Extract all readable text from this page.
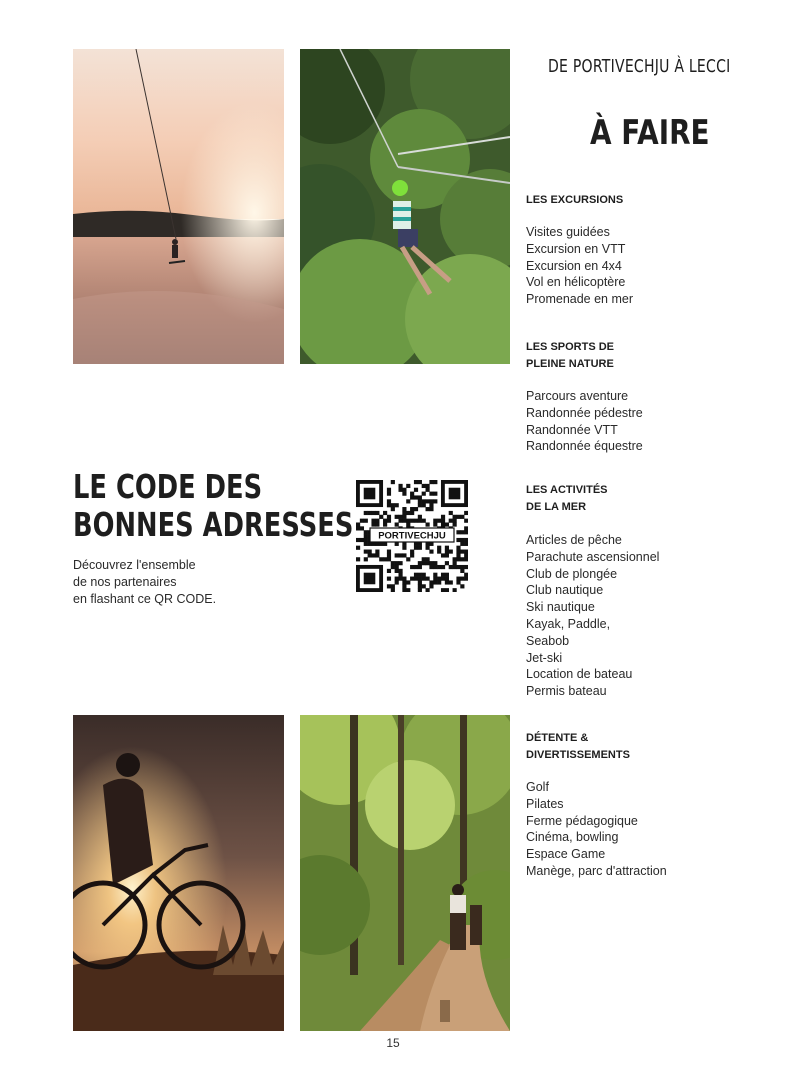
DE PORTIVECHJU À LECCI
À FAIRE
LES EXCURSIONS
Visites guidées
Excursion en VTT
Excursion en 4x4
Vol en hélicoptère
Promenade en mer
LES SPORTS DE
PLEINE NATURE
Parcours aventure
Randonnée pédestre
Randonnée VTT
Randonnée équestre
LES ACTIVITÉS
DE LA MER
Articles de pêche
Parachute ascensionnel
Club de plongée
Club nautique
Ski nautique
Kayak, Paddle,
Seabob
Jet-ski
Location de bateau
Permis bateau
DÉTENTE &
DIVERTISSEMENTS
Golf
Pilates
Ferme pédagogique
Cinéma, bowling
Espace Game
Manège, parc d'attraction
LE CODE DES
BONNES ADRESSES
Découvrez l'ensemble
de nos partenaires
en flashant ce QR CODE.
PORTIVECHJU
15
